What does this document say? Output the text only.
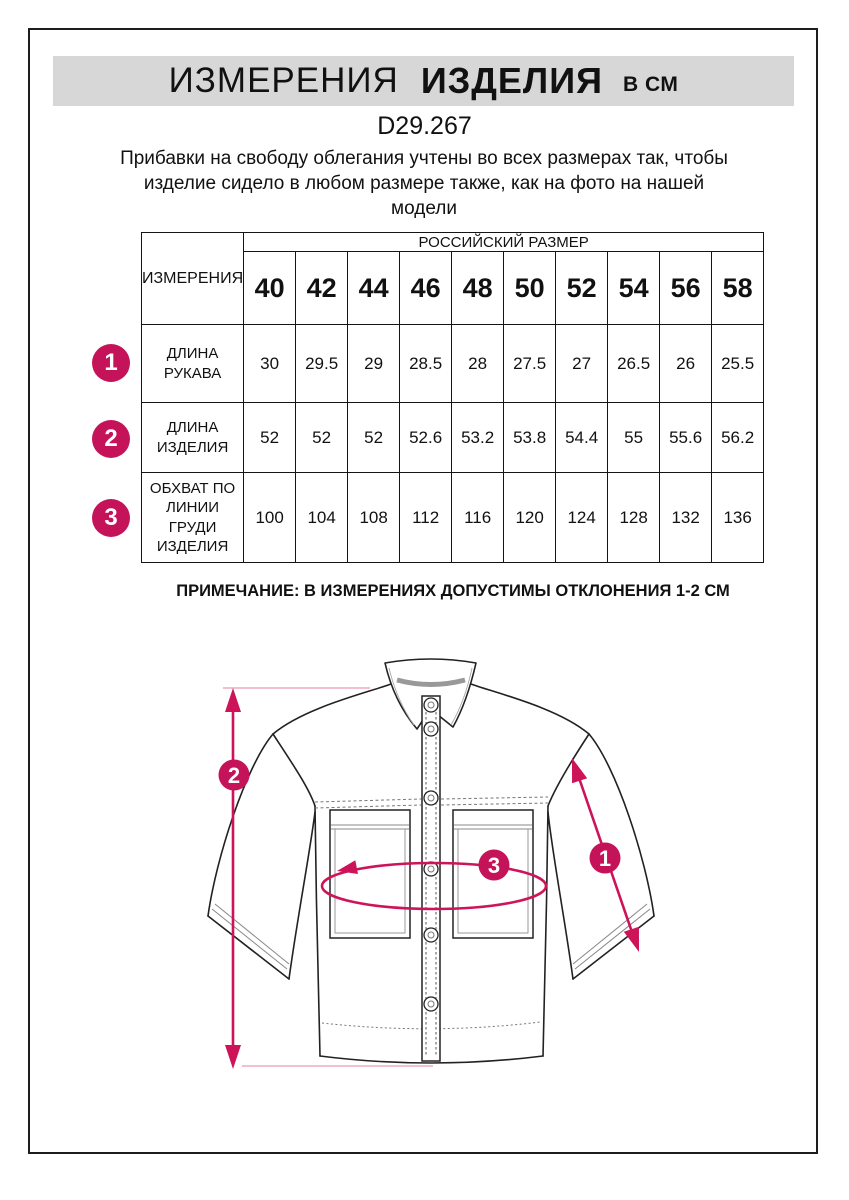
ИЗМЕРЕНИЯ ИЗДЕЛИЯ В СМ
D29.267

Прибавки на свободу облегания учтены во всех размерах так, чтобы изделие сидело в любом размере также, как на фото на нашей модели

ИЗМЕРЕНИЯ	РОССИЙСКИЙ РАЗМЕР									
	40	42	44	46	48	50	52	54	56	58
ДЛИНА РУКАВА	30	29.5	29	28.5	28	27.5	27	26.5	26	25.5
ДЛИНА ИЗДЕЛИЯ	52	52	52	52.6	53.2	53.8	54.4	55	55.6	56.2
ОБХВАТ ПО ЛИНИИ ГРУДИ ИЗДЕЛИЯ	100	104	108	112	116	120	124	128	132	136
1
2
3
ПРИМЕЧАНИЕ: В ИЗМЕРЕНИЯХ ДОПУСТИМЫ ОТКЛОНЕНИЯ 1-2 СМ
1
2
3
